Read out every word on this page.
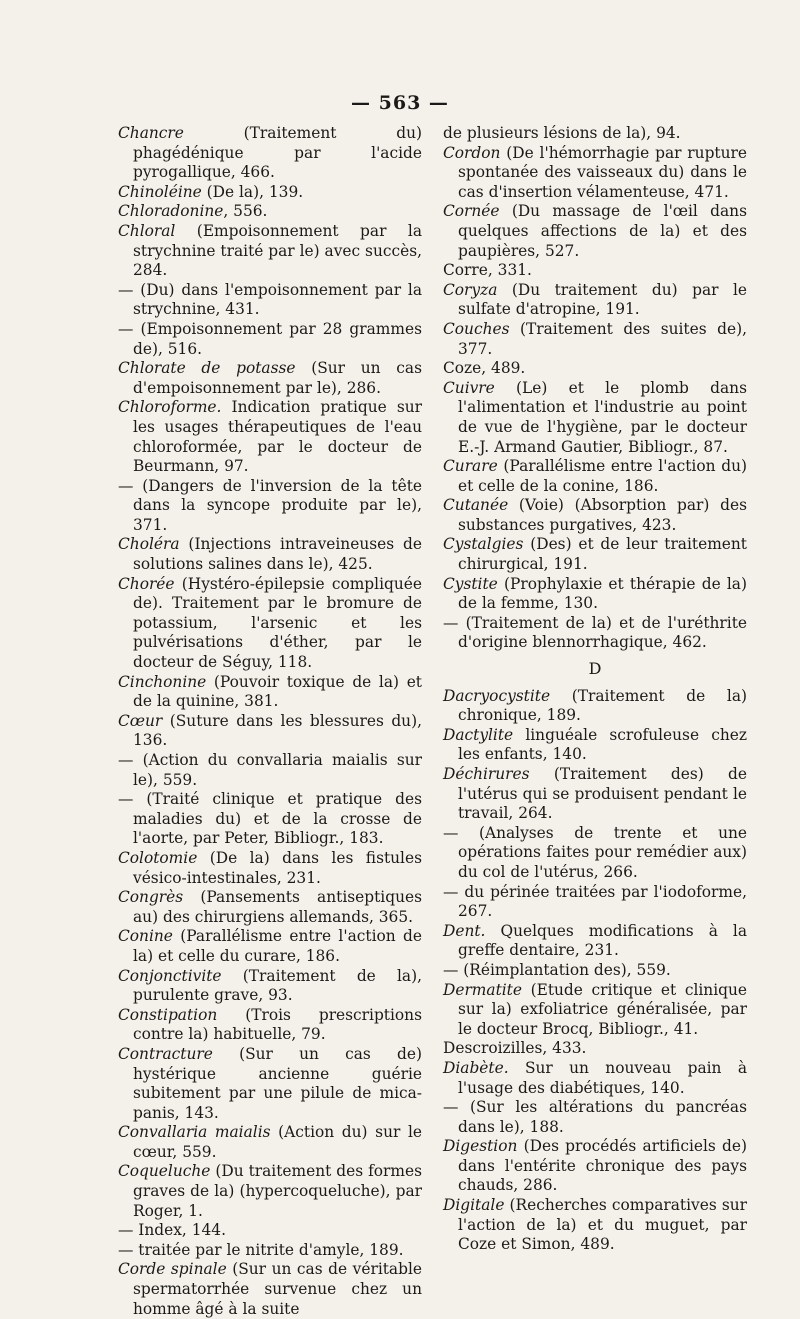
— 563 —

Chancre (Traitement du) phagédénique par l'acide pyrogallique, 466.

Chinoléine (De la), 139.

Chloradonine, 556.

Chloral (Empoisonnement par la strychnine traité par le) avec succès, 284.

— (Du) dans l'empoisonnement par la strychnine, 431.

— (Empoisonnement par 28 grammes de), 516.

Chlorate de potasse (Sur un cas d'empoisonnement par le), 286.

Chloroforme. Indication pratique sur les usages thérapeutiques de l'eau chloroformée, par le docteur de Beurmann, 97.

— (Dangers de l'inversion de la tête dans la syncope produite par le), 371.

Choléra (Injections intraveineuses de solutions salines dans le), 425.

Chorée (Hystéro-épilepsie compliquée de). Traitement par le bromure de potassium, l'arsenic et les pulvérisations d'éther, par le docteur de Séguy, 118.

Cinchonine (Pouvoir toxique de la) et de la quinine, 381.

Cœur (Suture dans les blessures du), 136.

— (Action du convallaria maialis sur le), 559.

— (Traité clinique et pratique des maladies du) et de la crosse de l'aorte, par Peter, Bibliogr., 183.

Colotomie (De la) dans les fistules vésico-intestinales, 231.

Congrès (Pansements antiseptiques au) des chirurgiens allemands, 365.

Conine (Parallélisme entre l'action de la) et celle du curare, 186.

Conjonctivite (Traitement de la), purulente grave, 93.

Constipation (Trois prescriptions contre la) habituelle, 79.

Contracture (Sur un cas de) hystérique ancienne guérie subitement par une pilule de mica-panis, 143.

Convallaria maialis (Action du) sur le cœur, 559.

Coqueluche (Du traitement des formes graves de la) (hypercoqueluche), par Roger, 1.

— Index, 144.

— traitée par le nitrite d'amyle, 189.

Corde spinale (Sur un cas de véritable spermatorrhée survenue chez un homme âgé à la suite

de plusieurs lésions de la), 94.

Cordon (De l'hémorrhagie par rupture spontanée des vaisseaux du) dans le cas d'insertion vélamenteuse, 471.

Cornée (Du massage de l'œil dans quelques affections de la) et des paupières, 527.

Corre, 331.

Coryza (Du traitement du) par le sulfate d'atropine, 191.

Couches (Traitement des suites de), 377.

Coze, 489.

Cuivre (Le) et le plomb dans l'alimentation et l'industrie au point de vue de l'hygiène, par le docteur E.-J. Armand Gautier, Bibliogr., 87.

Curare (Parallélisme entre l'action du) et celle de la conine, 186.

Cutanée (Voie) (Absorption par) des substances purgatives, 423.

Cystalgies (Des) et de leur traitement chirurgical, 191.

Cystite (Prophylaxie et thérapie de la) de la femme, 130.

— (Traitement de la) et de l'uréthrite d'origine blennorrhagique, 462.

D

Dacryocystite (Traitement de la) chronique, 189.

Dactylite linguéale scrofuleuse chez les enfants, 140.

Déchirures (Traitement des) de l'utérus qui se produisent pendant le travail, 264.

— (Analyses de trente et une opérations faites pour remédier aux) du col de l'utérus, 266.

— du périnée traitées par l'iodoforme, 267.

Dent. Quelques modifications à la greffe dentaire, 231.

— (Réimplantation des), 559.

Dermatite (Etude critique et clinique sur la) exfoliatrice généralisée, par le docteur Brocq, Bibliogr., 41.

Descroizilles, 433.

Diabète. Sur un nouveau pain à l'usage des diabétiques, 140.

— (Sur les altérations du pancréas dans le), 188.

Digestion (Des procédés artificiels de) dans l'entérite chronique des pays chauds, 286.

Digitale (Recherches comparatives sur l'action de la) et du muguet, par Coze et Simon, 489.
